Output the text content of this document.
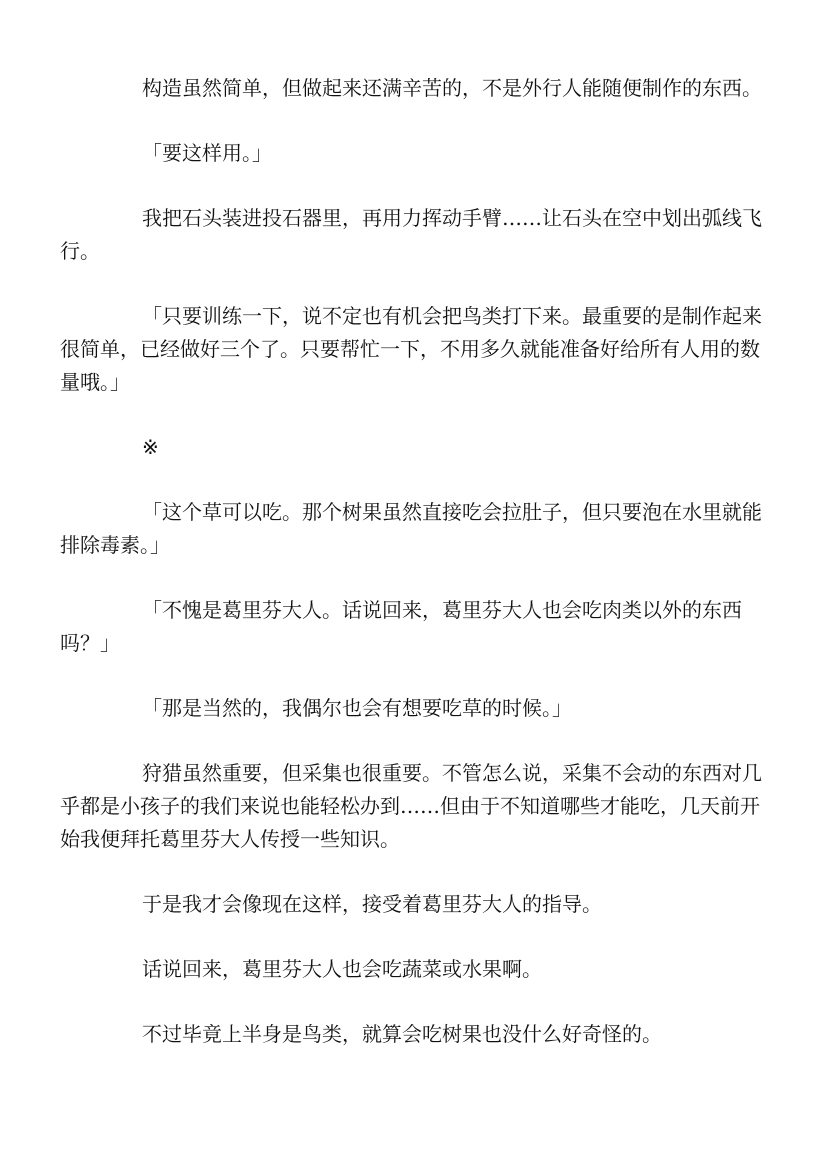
构造虽然简单，但做起来还满辛苦的，不是外行人能随便制作的东西。

「要这样用。」

我把石头装进投石器里，再用力挥动手臂……让石头在空中划出弧线飞行。

「只要训练一下，说不定也有机会把鸟类打下来。最重要的是制作起来很简单，已经做好三个了。只要帮忙一下，不用多久就能准备好给所有人用的数量哦。」

※

「这个草可以吃。那个树果虽然直接吃会拉肚子，但只要泡在水里就能排除毒素。」

「不愧是葛里芬大人。话说回来，葛里芬大人也会吃肉类以外的东西吗？」

「那是当然的，我偶尔也会有想要吃草的时候。」

狩猎虽然重要，但采集也很重要。不管怎么说，采集不会动的东西对几乎都是小孩子的我们来说也能轻松办到……但由于不知道哪些才能吃，几天前开始我便拜托葛里芬大人传授一些知识。

于是我才会像现在这样，接受着葛里芬大人的指导。

话说回来，葛里芬大人也会吃蔬菜或水果啊。

不过毕竟上半身是鸟类，就算会吃树果也没什么好奇怪的。
